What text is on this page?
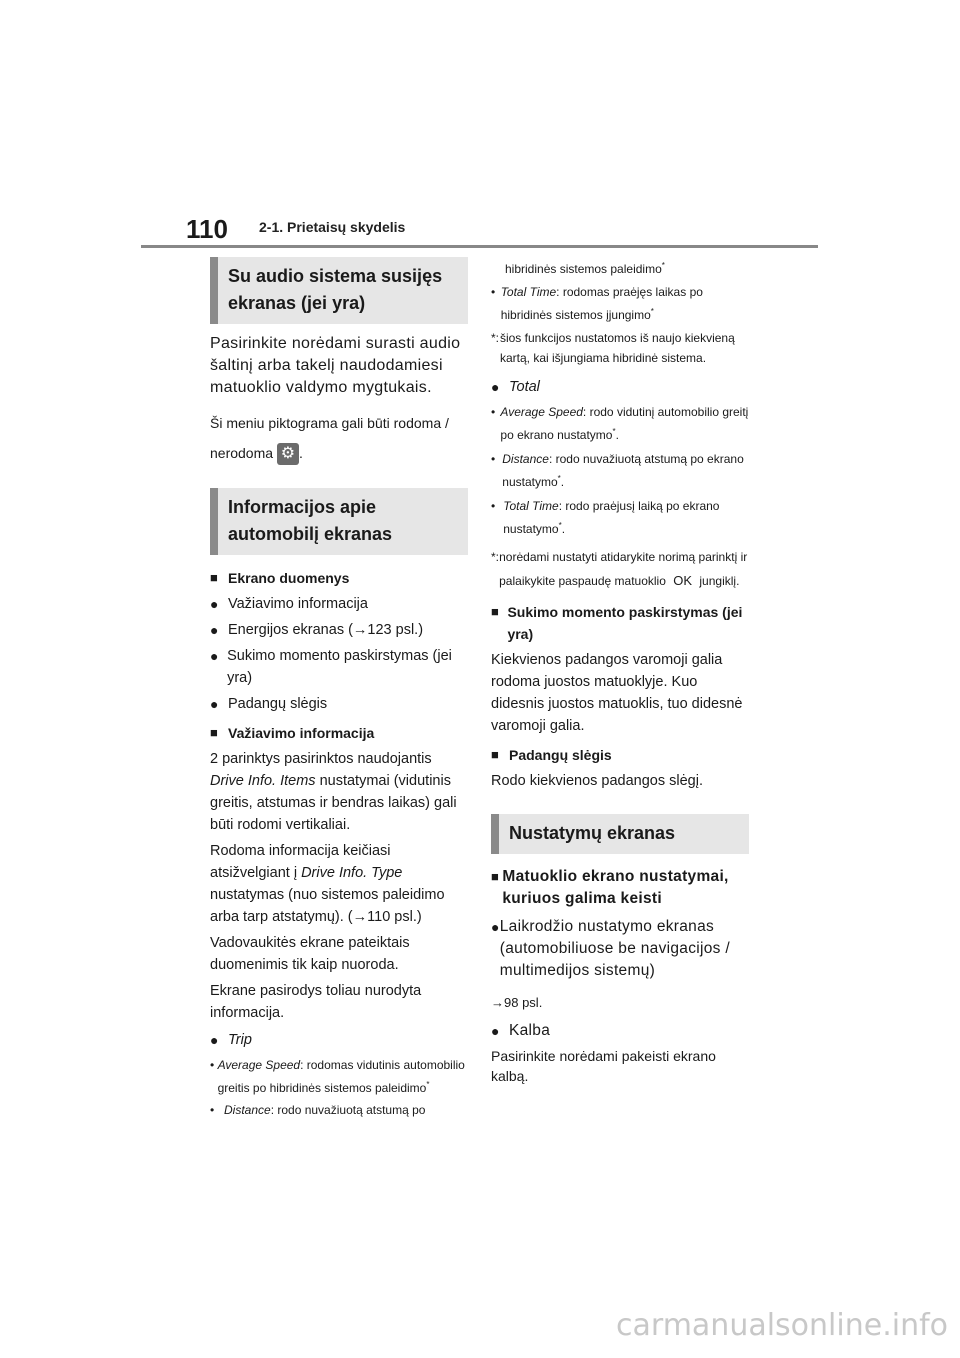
110 2-1. Prietaisų skydelis
Su audio sistema susijęs ekranas (jei yra)

Pasirinkite norėdami surasti audio šaltinį arba takelį naudodamiesi matuoklio valdymo mygtukais.

Ši meniu piktograma gali būti rodoma / nerodoma ⚙ .

Informacijos apie automobilį ekranas
■ Ekrano duomenys
● Važiavimo informacija
● Energijos ekranas (→123 psl.)
● Sukimo momento paskirstymas (jei yra)
● Padangų slėgis
■ Važiavimo informacija

2 parinktys pasirinktos naudojantis Drive Info. Items nustatymai (vidutinis greitis, atstumas ir bendras laikas) gali būti rodomi vertikaliai.

Rodoma informacija keičiasi atsižvelgiant į Drive Info. Type nustatymas (nuo sistemos paleidimo arba tarp atstatymų). (→110 psl.)

Vadovaukitės ekrane pateiktais duomenimis tik kaip nuoroda.

Ekrane pasirodys toliau nurodyta informacija.

● Trip
• Average Speed: rodomas vidutinis automobilio greitis po hibridinės sistemos paleidimo*
• Distance: rodo nuvažiuotą atstumą po
hibridinės sistemos paleidimo*
• Total Time: rodomas praėjęs laikas po hibridinės sistemos įjungimo*
*: šios funkcijos nustatomos iš naujo kiekvieną kartą, kai išjungiama hibridinė sistema.
● Total
• Average Speed: rodo vidutinį automobilio greitį po ekrano nustatymo*.
• Distance: rodo nuvažiuotą atstumą po ekrano nustatymo*.
• Total Time: rodo praėjusį laiką po ekrano nustatymo*.
*: norėdami nustatyti atidarykite norimą parinktį ir palaikykite paspaudę matuoklio OK jungiklį.
■ Sukimo momento paskirstymas (jei yra)

Kiekvienos padangos varomoji galia rodoma juostos matuoklyje. Kuo didesnis juostos matuoklis, tuo didesnė varomoji galia.

■ Padangų slėgis

Rodo kiekvienos padangos slėgį.

Nustatymų ekranas
■ Matuoklio ekrano nustatymai, kuriuos galima keisti
● Laikrodžio nustatymo ekranas (automobiliuose be navigacijos / multimedijos sistemų)

→98 psl.

● Kalba

Pasirinkite norėdami pakeisti ekrano kalbą.

carmanualsonline.info
